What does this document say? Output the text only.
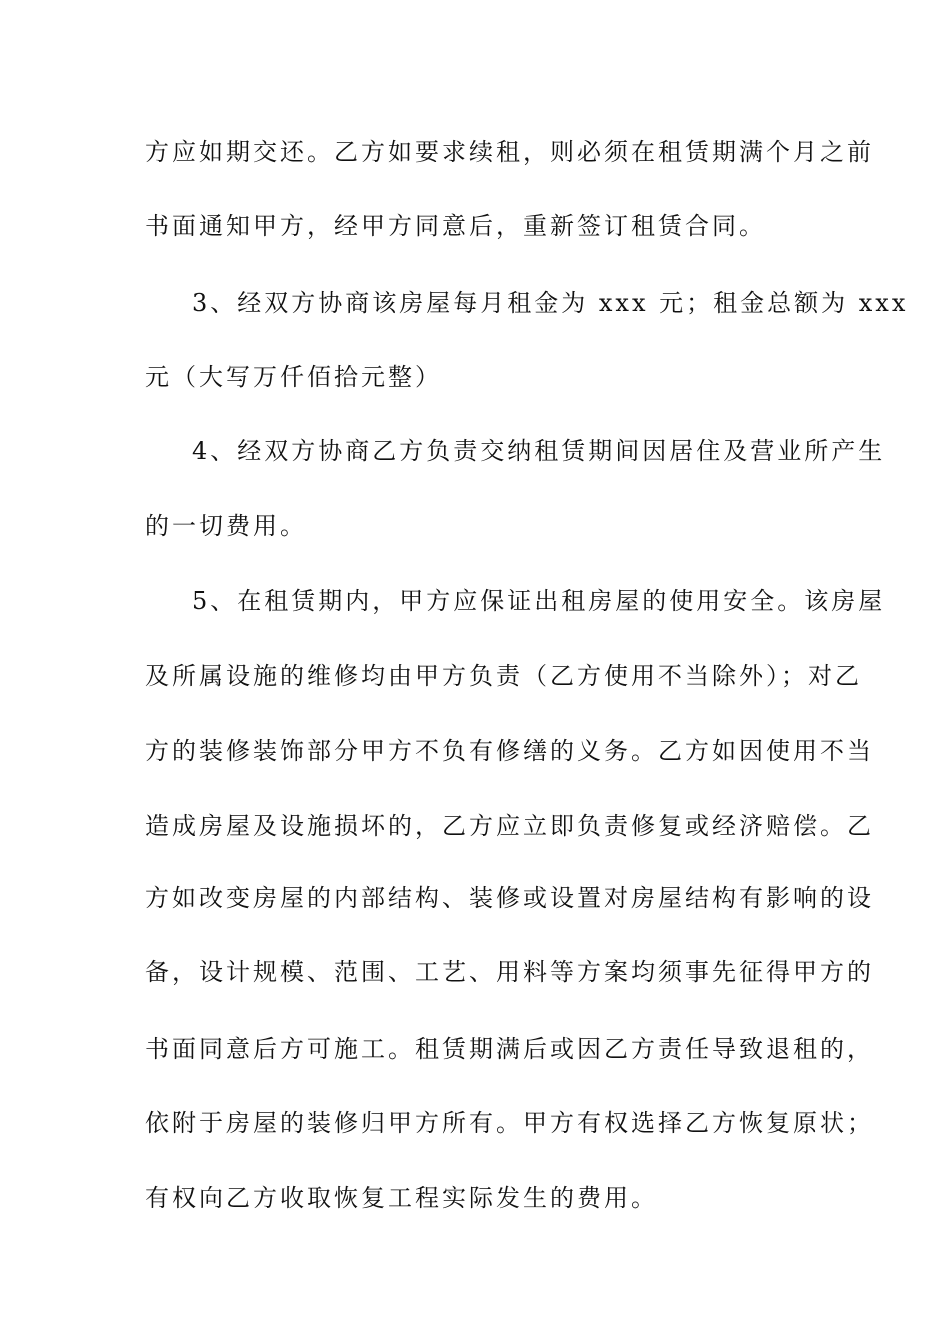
方应如期交还。乙方如要求续租，则必须在租赁期满个月之前
书面通知甲方，经甲方同意后，重新签订租赁合同。
3、经双方协商该房屋每月租金为 xxx 元；租金总额为 xxx
元（大写万仟佰拾元整）
4、经双方协商乙方负责交纳租赁期间因居住及营业所产生
的一切费用。
5、在租赁期内，甲方应保证出租房屋的使用安全。该房屋
及所属设施的维修均由甲方负责（乙方使用不当除外）；对乙
方的装修装饰部分甲方不负有修缮的义务。乙方如因使用不当
造成房屋及设施损坏的，乙方应立即负责修复或经济赔偿。乙
方如改变房屋的内部结构、装修或设置对房屋结构有影响的设
备，设计规模、范围、工艺、用料等方案均须事先征得甲方的
书面同意后方可施工。租赁期满后或因乙方责任导致退租的，
依附于房屋的装修归甲方所有。甲方有权选择乙方恢复原状；
有权向乙方收取恢复工程实际发生的费用。
